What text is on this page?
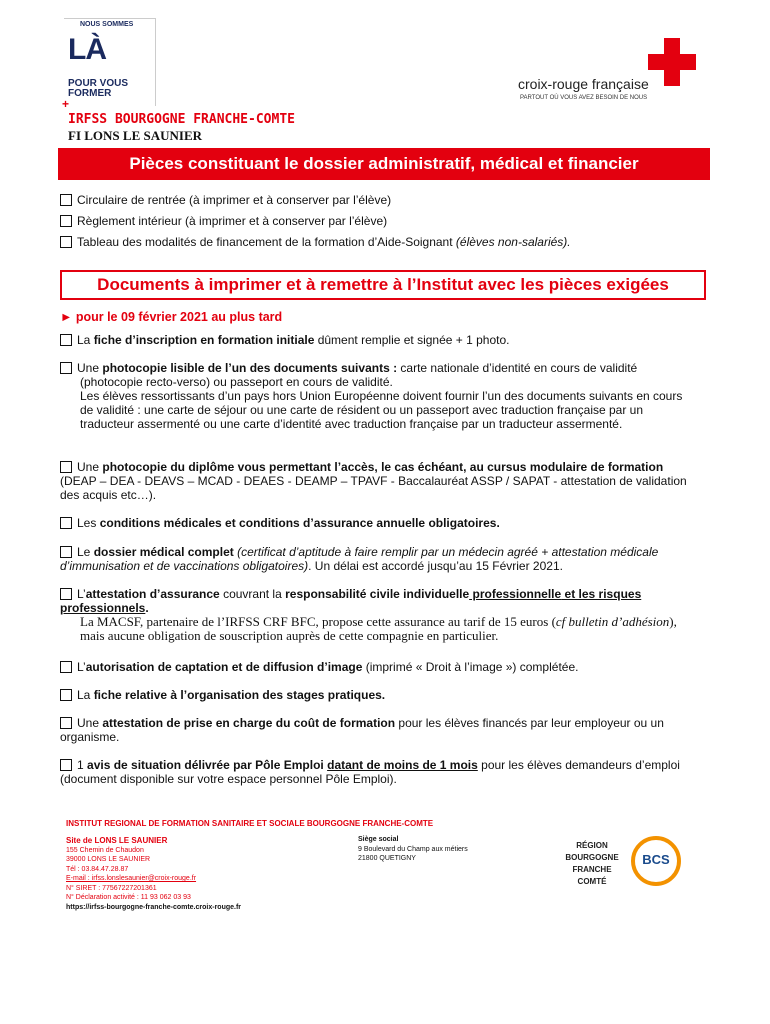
NOUS SOMMES
LÀ
POUR VOUS
FORMER
+
croix-rouge française
PARTOUT OÙ VOUS AVEZ BESOIN DE NOUS
IRFSS BOURGOGNE FRANCHE-COMTE
FI LONS LE SAUNIER
Pièces constituant le dossier administratif, médical et financier
Circulaire de rentrée (à imprimer et à conserver par l’élève)
Règlement intérieur (à imprimer et à conserver par l’élève)
Tableau des modalités de financement de la formation d’Aide-Soignant (élèves non-salariés).
Documents à imprimer et à remettre à l’Institut avec les pièces exigées
► pour le 09 février 2021 au plus tard
La fiche d’inscription en formation initiale dûment remplie et signée + 1 photo.
Une photocopie lisible de l’un des documents suivants : carte nationale d’identité en cours de validité
(photocopie recto-verso) ou passeport en cours de validité.
Les élèves ressortissants d’un pays hors Union Européenne doivent fournir l’un des documents suivants en cours de validité : une carte de séjour ou une carte de résident ou un passeport avec traduction française par un traducteur assermenté ou une carte d’identité avec traduction française par un traducteur assermenté.
Une photocopie du diplôme vous permettant l’accès, le cas échéant, au cursus modulaire de formation (DEAP – DEA - DEAVS – MCAD - DEAES - DEAMP – TPAVF - Baccalauréat ASSP / SAPAT - attestation de validation des acquis etc…).
Les conditions médicales et conditions d’assurance annuelle obligatoires.
Le dossier médical complet (certificat d’aptitude à faire remplir par un médecin agréé + attestation médicale d’immunisation et de vaccinations obligatoires). Un délai est accordé jusqu’au 15 Février 2021.
L’attestation d’assurance couvrant la responsabilité civile individuelle professionnelle et les risques professionnels.
La MACSF, partenaire de l’IRFSS CRF BFC, propose cette assurance au tarif de 15 euros (cf bulletin d’adhésion), mais aucune obligation de souscription auprès de cette compagnie en particulier.
L’autorisation de captation et de diffusion d’image (imprimé « Droit à l’image ») complétée.
La fiche relative à l’organisation des stages pratiques.
Une attestation de prise en charge du coût de formation pour les élèves financés par leur employeur ou un organisme.
1 avis de situation délivrée par Pôle Emploi datant de moins de 1 mois pour les élèves demandeurs d’emploi (document disponible sur votre espace personnel Pôle Emploi).
INSTITUT REGIONAL DE FORMATION SANITAIRE ET SOCIALE BOURGOGNE FRANCHE-COMTE
Site de LONS LE SAUNIER
155 Chemin de Chaudon
39000 LONS LE SAUNIER
Tél : 03.84.47.28.87
E-mail : irfss.lonslesaunier@croix-rouge.fr
N° SIRET : 77567227201361
N° Déclaration activité : 11 93 062 03 93
Siège social
9 Boulevard du Champ aux métiers
21800 QUETIGNY
https://irfss-bourgogne-franche-comte.croix-rouge.fr
RÉGION
BOURGOGNE
FRANCHE
COMTÉ
BCS
